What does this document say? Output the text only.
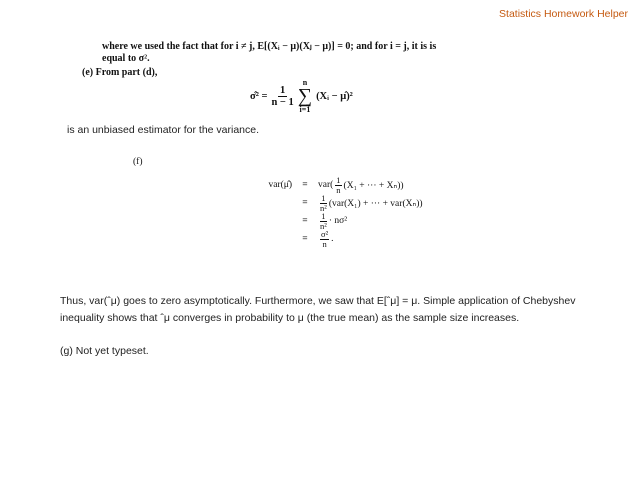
Statistics Homework Helper
where we used the fact that for i ≠ j, E[(Xᵢ − μ)(Xⱼ − μ)] = 0; and for i = j, it is is
equal to σ².
(e) From part (d),
σ̂² = $\frac{1}{n - 1}$
n
∑
i=1
(Xᵢ − μ̂)²
is an unbiased estimator for the variance.
(f)
var(μ̂)	=	$var( \frac{1}{n} (X_1$ + ··· + Xₙ))
=	$\frac{1}{\text{n²}} (var(X_1)$ + ··· + var(Xₙ))
=	$\frac{1}{\text{n²}} \cdot n\sigma^2$
=	$\frac{\text{σ²}}{n}$ .

Thus, var(ˆμ) goes to zero asymptotically. Furthermore, we saw that E[ˆμ] = μ. Simple application of Chebyshev inequality shows that ˆμ converges in probability to μ (the true mean) as the sample size increases.

(g) Not yet typeset.
